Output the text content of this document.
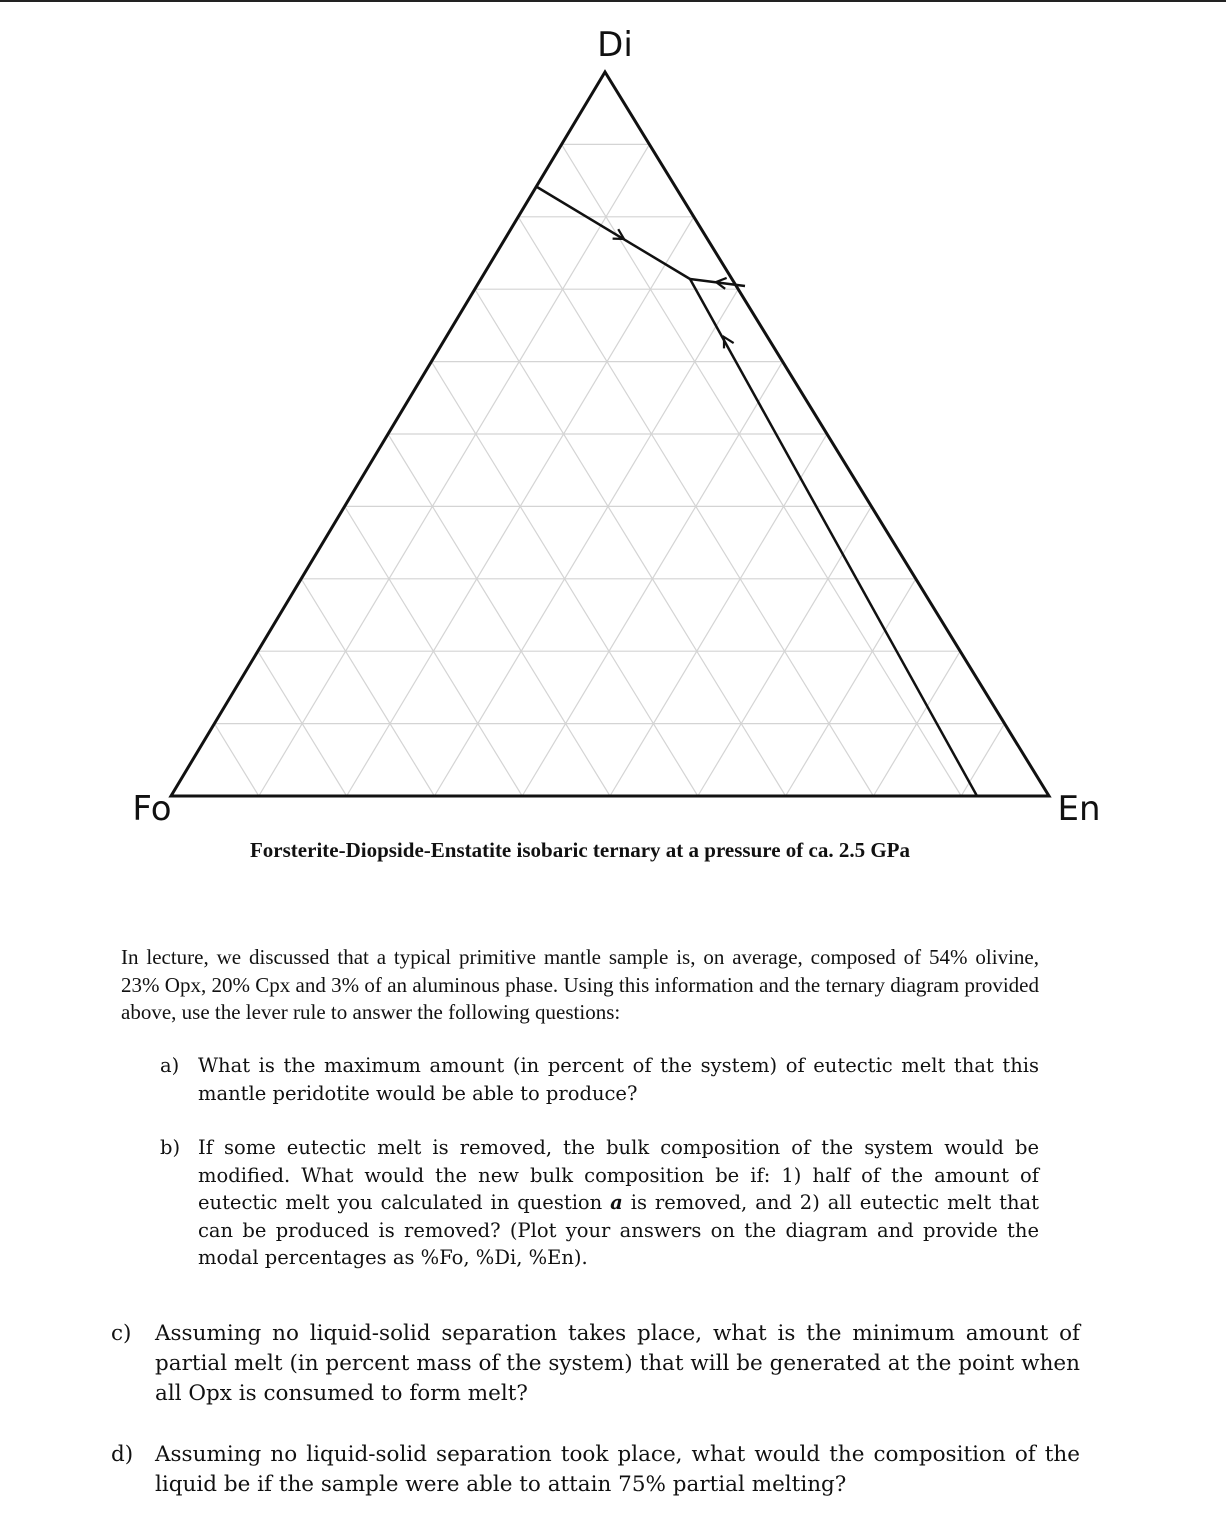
Di
Fo	En
Forsterite-Diopside-Enstatite isobaric ternary at a pressure of ca. 2.5 GPa

In lecture, we discussed that a typical primitive mantle sample is, on average, composed of 54% olivine, 23% Opx, 20% Cpx and 3% of an aluminous phase. Using this information and the ternary diagram provided above, use the lever rule to answer the following questions:

a) What is the maximum amount (in percent of the system) of eutectic melt that this mantle peridotite would be able to produce?
b) If some eutectic melt is removed, the bulk composition of the system would be modified. What would the new bulk composition be if: 1) half of the amount of eutectic melt you calculated in question a is removed, and 2) all eutectic melt that can be produced is removed? (Plot your answers on the diagram and provide the modal percentages as %Fo, %Di, %En).
c) Assuming no liquid-solid separation takes place, what is the minimum amount of partial melt (in percent mass of the system) that will be generated at the point when all Opx is consumed to form melt?
d) Assuming no liquid-solid separation took place, what would the composition of the liquid be if the sample were able to attain 75% partial melting?
